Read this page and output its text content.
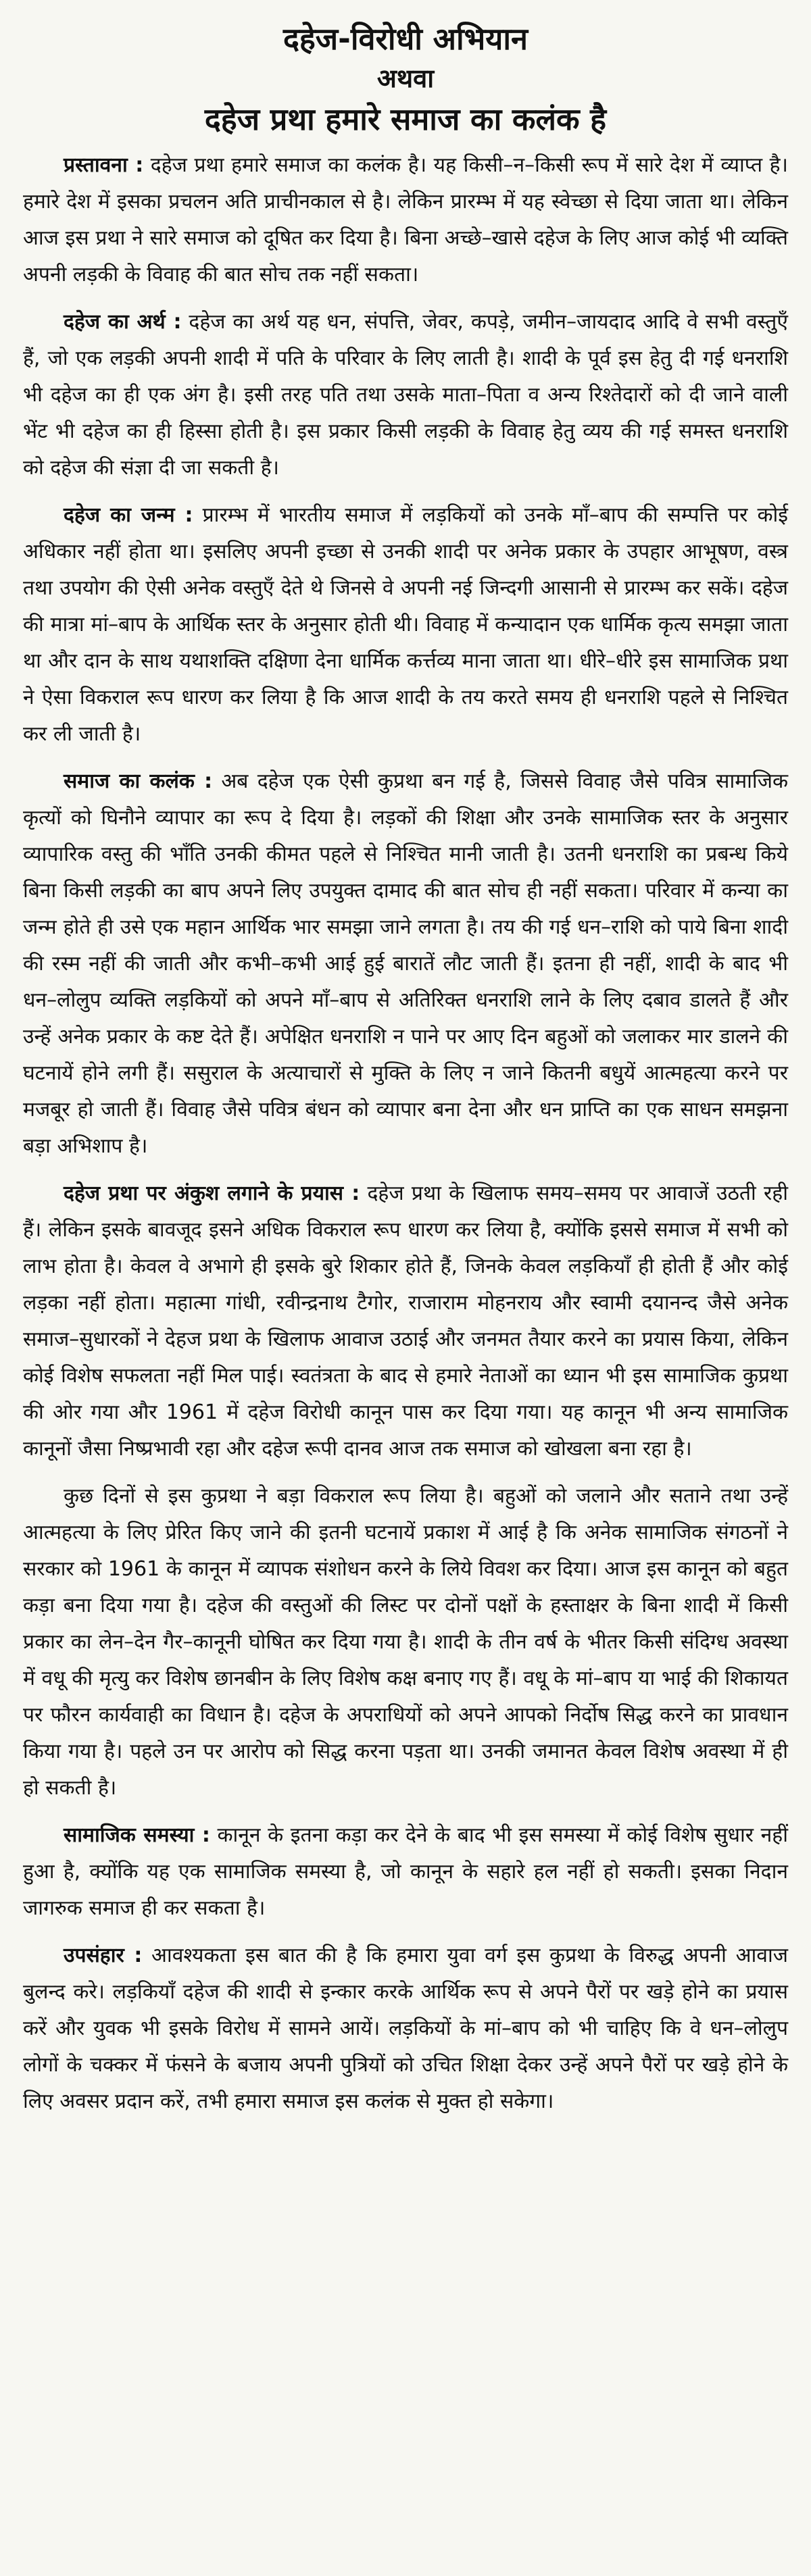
दहेज-विरोधी अभियान
अथवा
दहेज प्रथा हमारे समाज का कलंक है

प्रस्तावना : दहेज प्रथा हमारे समाज का कलंक है। यह किसी–न–किसी रूप में सारे देश में व्याप्त है। हमारे देश में इसका प्रचलन अति प्राचीनकाल से है। लेकिन प्रारम्भ में यह स्वेच्छा से दिया जाता था। लेकिन आज इस प्रथा ने सारे समाज को दूषित कर दिया है। बिना अच्छे–खासे दहेज के लिए आज कोई भी व्यक्ति अपनी लड़की के विवाह की बात सोच तक नहीं सकता।

दहेज का अर्थ : दहेज का अर्थ यह धन, संपत्ति, जेवर, कपड़े, जमीन–जायदाद आदि वे सभी वस्तुएँ हैं, जो एक लड़की अपनी शादी में पति के परिवार के लिए लाती है। शादी के पूर्व इस हेतु दी गई धनराशि भी दहेज का ही एक अंग है। इसी तरह पति तथा उसके माता–पिता व अन्य रिश्तेदारों को दी जाने वाली भेंट भी दहेज का ही हिस्सा होती है। इस प्रकार किसी लड़की के विवाह हेतु व्यय की गई समस्त धनराशि को दहेज की संज्ञा दी जा सकती है।

दहेज का जन्म : प्रारम्भ में भारतीय समाज में लड़कियों को उनके माँ–बाप की सम्पत्ति पर कोई अधिकार नहीं होता था। इसलिए अपनी इच्छा से उनकी शादी पर अनेक प्रकार के उपहार आभूषण, वस्त्र तथा उपयोग की ऐसी अनेक वस्तुएँ देते थे जिनसे वे अपनी नई जिन्दगी आसानी से प्रारम्भ कर सकें। दहेज की मात्रा मां–बाप के आर्थिक स्तर के अनुसार होती थी। विवाह में कन्यादान एक धार्मिक कृत्य समझा जाता था और दान के साथ यथाशक्ति दक्षिणा देना धार्मिक कर्त्तव्य माना जाता था। धीरे–धीरे इस सामाजिक प्रथा ने ऐसा विकराल रूप धारण कर लिया है कि आज शादी के तय करते समय ही धनराशि पहले से निश्चित कर ली जाती है।

समाज का कलंक : अब दहेज एक ऐसी कुप्रथा बन गई है, जिससे विवाह जैसे पवित्र सामाजिक कृत्यों को घिनौने व्यापार का रूप दे दिया है। लड़कों की शिक्षा और उनके सामाजिक स्तर के अनुसार व्यापारिक वस्तु की भाँति उनकी कीमत पहले से निश्चित मानी जाती है। उतनी धनराशि का प्रबन्ध किये बिना किसी लड़की का बाप अपने लिए उपयुक्त दामाद की बात सोच ही नहीं सकता। परिवार में कन्या का जन्म होते ही उसे एक महान आर्थिक भार समझा जाने लगता है। तय की गई धन–राशि को पाये बिना शादी की रस्म नहीं की जाती और कभी–कभी आई हुई बारातें लौट जाती हैं। इतना ही नहीं, शादी के बाद भी धन–लोलुप व्यक्ति लड़कियों को अपने माँ–बाप से अतिरिक्त धनराशि लाने के लिए दबाव डालते हैं और उन्हें अनेक प्रकार के कष्ट देते हैं। अपेक्षित धनराशि न पाने पर आए दिन बहुओं को जलाकर मार डालने की घटनायें होने लगी हैं। ससुराल के अत्याचारों से मुक्ति के लिए न जाने कितनी बधुयें आत्महत्या करने पर मजबूर हो जाती हैं। विवाह जैसे पवित्र बंधन को व्यापार बना देना और धन प्राप्ति का एक साधन समझना बड़ा अभिशाप है।

दहेज प्रथा पर अंकुश लगाने के प्रयास : दहेज प्रथा के खिलाफ समय–समय पर आवाजें उठती रही हैं। लेकिन इसके बावजूद इसने अधिक विकराल रूप धारण कर लिया है, क्योंकि इससे समाज में सभी को लाभ होता है। केवल वे अभागे ही इसके बुरे शिकार होते हैं, जिनके केवल लड़कियाँ ही होती हैं और कोई लड़का नहीं होता। महात्मा गांधी, रवीन्द्रनाथ टैगोर, राजाराम मोहनराय और स्वामी दयानन्द जैसे अनेक समाज–सुधारकों ने देहज प्रथा के खिलाफ आवाज उठाई और जनमत तैयार करने का प्रयास किया, लेकिन कोई विशेष सफलता नहीं मिल पाई। स्वतंत्रता के बाद से हमारे नेताओं का ध्यान भी इस सामाजिक कुप्रथा की ओर गया और 1961 में दहेज विरोधी कानून पास कर दिया गया। यह कानून भी अन्य सामाजिक कानूनों जैसा निष्प्रभावी रहा और दहेज रूपी दानव आज तक समाज को खोखला बना रहा है।

कुछ दिनों से इस कुप्रथा ने बड़ा विकराल रूप लिया है। बहुओं को जलाने और सताने तथा उन्हें आत्महत्या के लिए प्रेरित किए जाने की इतनी घटनायें प्रकाश में आई है कि अनेक सामाजिक संगठनों ने सरकार को 1961 के कानून में व्यापक संशोधन करने के लिये विवश कर दिया। आज इस कानून को बहुत कड़ा बना दिया गया है। दहेज की वस्तुओं की लिस्ट पर दोनों पक्षों के हस्ताक्षर के बिना शादी में किसी प्रकार का लेन–देन गैर–कानूनी घोषित कर दिया गया है। शादी के तीन वर्ष के भीतर किसी संदिग्ध अवस्था में वधू की मृत्यु कर विशेष छानबीन के लिए विशेष कक्ष बनाए गए हैं। वधू के मां–बाप या भाई की शिकायत पर फौरन कार्यवाही का विधान है। दहेज के अपराधियों को अपने आपको निर्दोष सिद्ध करने का प्रावधान किया गया है। पहले उन पर आरोप को सिद्ध करना पड़ता था। उनकी जमानत केवल विशेष अवस्था में ही हो सकती है।

सामाजिक समस्या : कानून के इतना कड़ा कर देने के बाद भी इस समस्या में कोई विशेष सुधार नहीं हुआ है, क्योंकि यह एक सामाजिक समस्या है, जो कानून के सहारे हल नहीं हो सकती। इसका निदान जागरुक समाज ही कर सकता है।

उपसंहार : आवश्यकता इस बात की है कि हमारा युवा वर्ग इस कुप्रथा के विरुद्ध अपनी आवाज बुलन्द करे। लड़कियाँ दहेज की शादी से इन्कार करके आर्थिक रूप से अपने पैरों पर खड़े होने का प्रयास करें और युवक भी इसके विरोध में सामने आयें। लड़कियों के मां–बाप को भी चाहिए कि वे धन–लोलुप लोगों के चक्कर में फंसने के बजाय अपनी पुत्रियों को उचित शिक्षा देकर उन्हें अपने पैरों पर खड़े होने के लिए अवसर प्रदान करें, तभी हमारा समाज इस कलंक से मुक्त हो सकेगा।
